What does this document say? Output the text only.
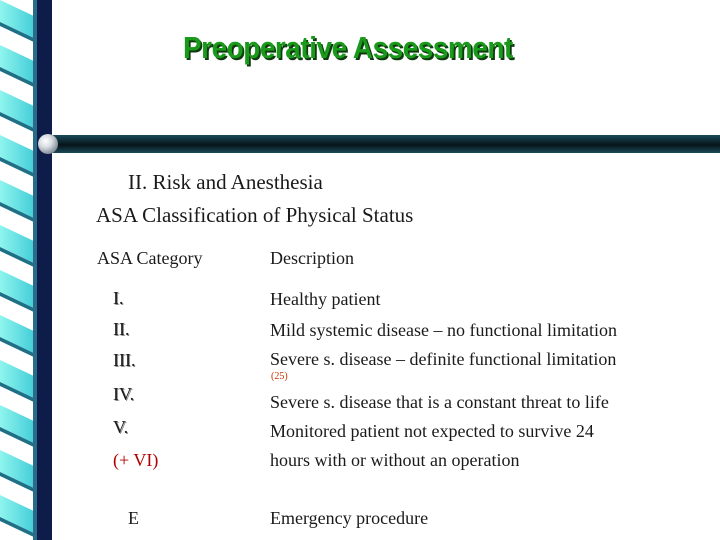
Preoperative Assessment
II. Risk and Anesthesia
ASA Classification of Physical Status
ASA Category	Description
I.
II.
III.
IV.
V.
(+ VI)
E
Healthy patient
Mild systemic disease – no functional limitation
Severe s. disease – definite functional limitation
(25)
Severe s. disease that is a constant threat to life
Monitored patient not expected to survive 24
hours with or without an operation
Emergency procedure
